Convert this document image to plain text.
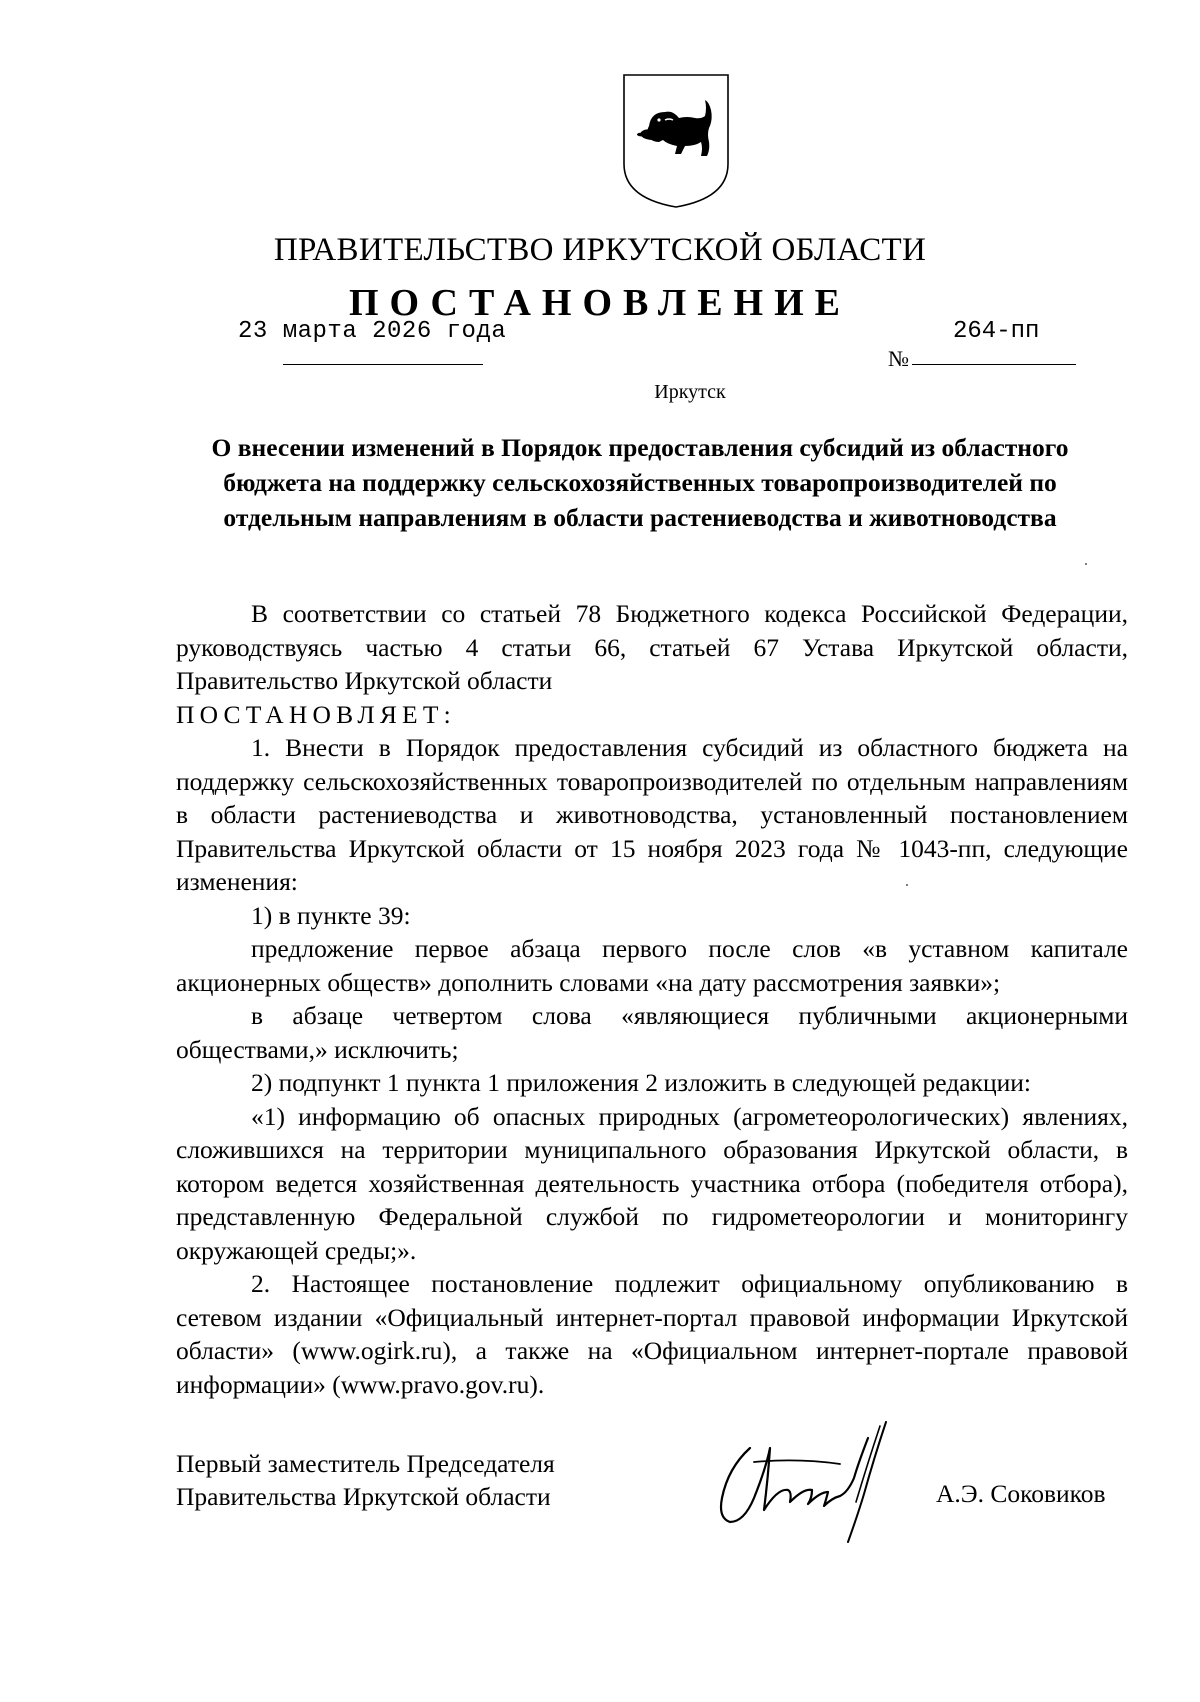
ПРАВИТЕЛЬСТВО ИРКУТСКОЙ ОБЛАСТИ
ПОСТАНОВЛЕНИЕ
23 марта 2026 года	264-пп
№
Иркутск
О внесении изменений в Порядок предоставления субсидий из областного бюджета на поддержку сельскохозяйственных товаропроизводителей по отдельным направлениям в области растениеводства и животноводства

В соответствии со статьей 78 Бюджетного кодекса Российской Федерации, руководствуясь частью 4 статьи 66, статьей 67 Устава Иркутской области, Правительство Иркутской области

ПОСТАНОВЛЯЕТ:

1. Внести в Порядок предоставления субсидий из областного бюджета на поддержку сельскохозяйственных товаропроизводителей по отдельным направлениям в области растениеводства и животноводства, установленный постановлением Правительства Иркутской области от 15 ноября 2023 года № 1043-пп, следующие изменения:

1) в пункте 39:

предложение первое абзаца первого после слов «в уставном капитале акционерных обществ» дополнить словами «на дату рассмотрения заявки»;

в абзаце четвертом слова «являющиеся публичными акционерными обществами,» исключить;

2) подпункт 1 пункта 1 приложения 2 изложить в следующей редакции:

«1) информацию об опасных природных (агрометеорологических) явлениях, сложившихся на территории муниципального образования Иркутской области, в котором ведется хозяйственная деятельность участника отбора (победителя отбора), представленную Федеральной службой по гидрометеорологии и мониторингу окружающей среды;».

2. Настоящее постановление подлежит официальному опубликованию в сетевом издании «Официальный интернет-портал правовой информации Иркутской области» (www.ogirk.ru), а также на «Официальном интернет-портале правовой информации» (www.pravo.gov.ru).

Первый заместитель Председателя
Правительства Иркутской области	А.Э. Соковиков
